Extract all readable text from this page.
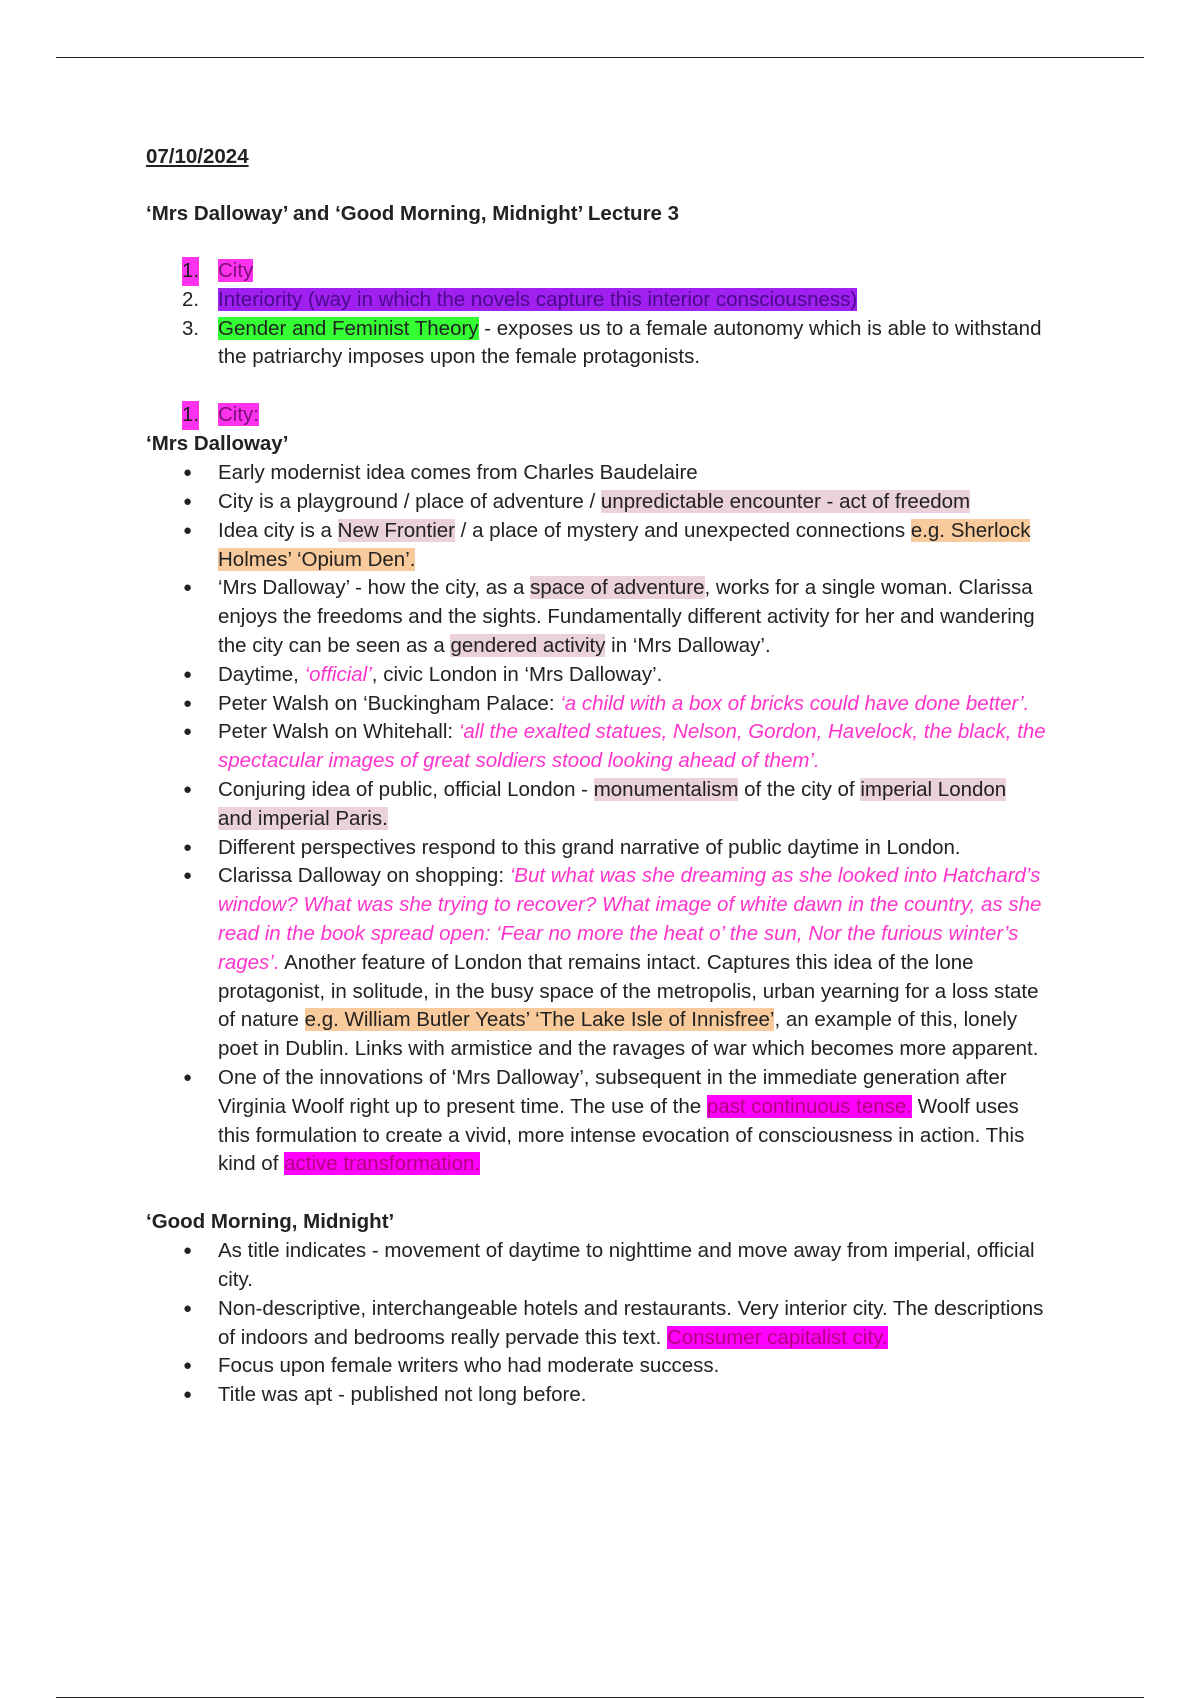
07/10/2024

‘Mrs Dalloway’ and ‘Good Morning, Midnight’ Lecture 3

1. City
2. Interiority (way in which the novels capture this interior consciousness)
3. Gender and Feminist Theory - exposes us to a female autonomy which is able to withstand the patriarchy imposes upon the female protagonists.

1. City:

‘Mrs Dalloway’

● Early modernist idea comes from Charles Baudelaire
● City is a playground / place of adventure / unpredictable encounter - act of freedom
● Idea city is a New Frontier / a place of mystery and unexpected connections e.g. Sherlock Holmes’ ‘Opium Den’.
● ‘Mrs Dalloway’ - how the city, as a space of adventure, works for a single woman. Clarissa enjoys the freedoms and the sights. Fundamentally different activity for her and wandering the city can be seen as a gendered activity in ‘Mrs Dalloway’.
● Daytime, ‘official’, civic London in ‘Mrs Dalloway’.
● Peter Walsh on ‘Buckingham Palace: ‘a child with a box of bricks could have done better’.
● Peter Walsh on Whitehall: ‘all the exalted statues, Nelson, Gordon, Havelock, the black, the spectacular images of great soldiers stood looking ahead of them’.
● Conjuring idea of public, official London - monumentalism of the city of imperial London and imperial Paris.
● Different perspectives respond to this grand narrative of public daytime in London.
● Clarissa Dalloway on shopping: ‘But what was she dreaming as she looked into Hatchard’s window? What was she trying to recover? What image of white dawn in the country, as she read in the book spread open: ‘Fear no more the heat o’ the sun, Nor the furious winter’s rages’. Another feature of London that remains intact. Captures this idea of the lone protagonist, in solitude, in the busy space of the metropolis, urban yearning for a loss state of nature e.g. William Butler Yeats’ ‘The Lake Isle of Innisfree’, an example of this, lonely poet in Dublin. Links with armistice and the ravages of war which becomes more apparent.
● One of the innovations of ‘Mrs Dalloway’, subsequent in the immediate generation after Virginia Woolf right up to present time. The use of the past continuous tense. Woolf uses this formulation to create a vivid, more intense evocation of consciousness in action. This kind of active transformation.

‘Good Morning, Midnight’

● As title indicates - movement of daytime to nighttime and move away from imperial, official city.
● Non-descriptive, interchangeable hotels and restaurants. Very interior city. The descriptions of indoors and bedrooms really pervade this text. Consumer capitalist city.
● Focus upon female writers who had moderate success.
● Title was apt - published not long before.
